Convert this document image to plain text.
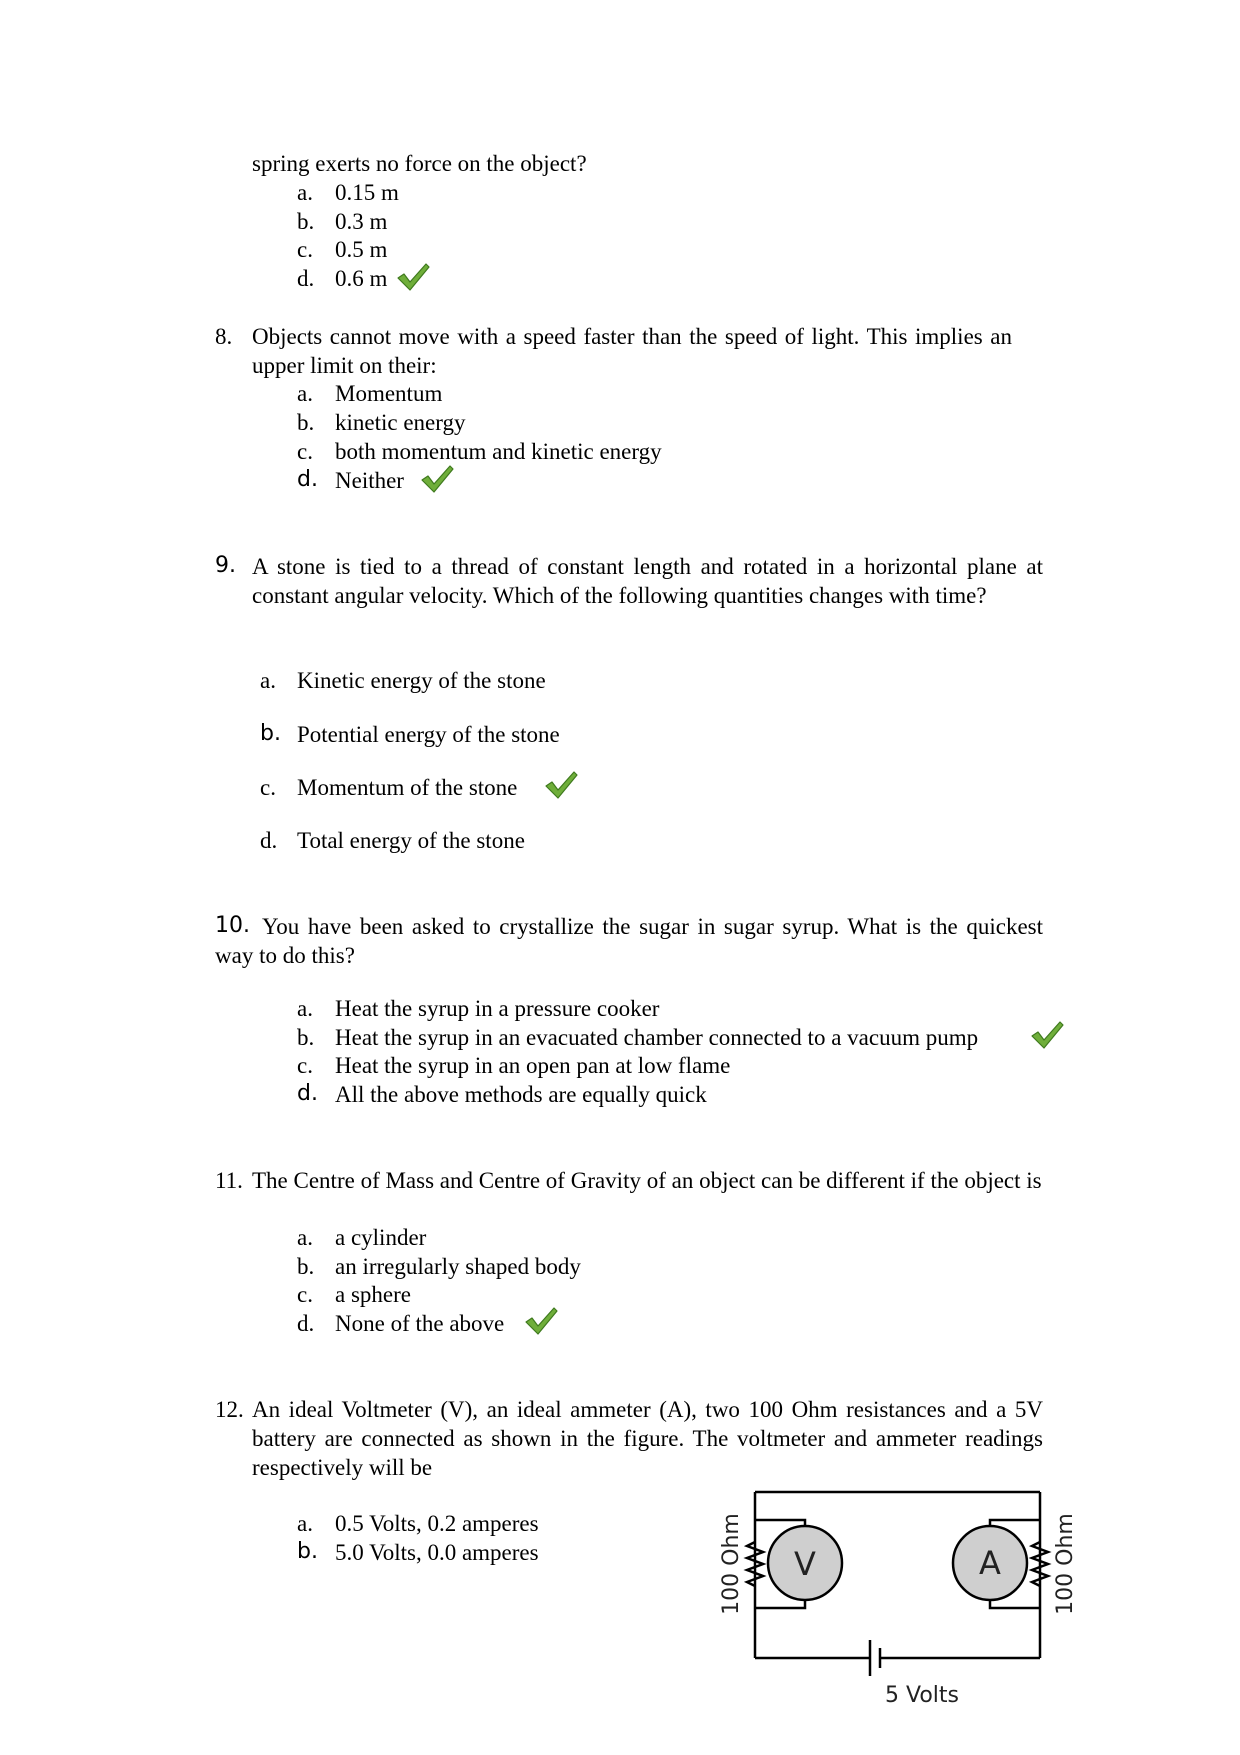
spring exerts no force on the object?
a. 0.15 m
b. 0.3 m
c. 0.5 m
d. 0.6 m
8. Objects cannot move with a speed faster than the speed of light. This implies an upper limit on their:
a. Momentum
b. kinetic energy
c. both momentum and kinetic energy
d. Neither
9. A stone is tied to a thread of constant length and rotated in a horizontal plane at constant angular velocity. Which of the following quantities changes with time?
a. Kinetic energy of the stone
b. Potential energy of the stone
c. Momentum of the stone
d. Total energy of the stone
10. You have been asked to crystallize the sugar in sugar syrup. What is the quickest way to do this?
a. Heat the syrup in a pressure cooker
b. Heat the syrup in an evacuated chamber connected to a vacuum pump
c. Heat the syrup in an open pan at low flame
d. All the above methods are equally quick
11. The Centre of Mass and Centre of Gravity of an object can be different if the object is
a. a cylinder
b. an irregularly shaped body
c. a sphere
d. None of the above
12. An ideal Voltmeter (V), an ideal ammeter (A), two 100 Ohm resistances and a 5V battery are connected as shown in the figure. The voltmeter and ammeter readings respectively will be
a. 0.5 Volts, 0.2 amperes
b. 5.0 Volts, 0.0 amperes	V	A
100 Ohm	100 Ohm
5 Volts
